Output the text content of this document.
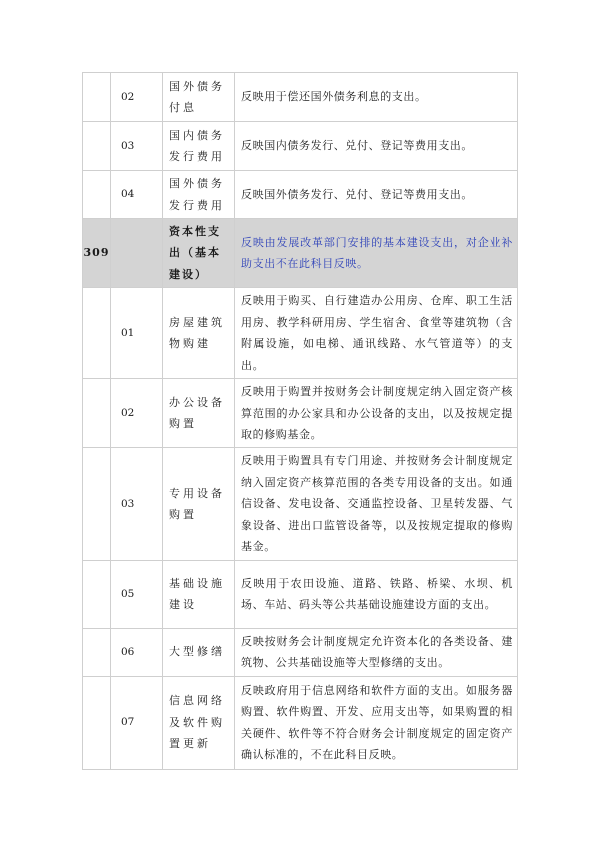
	02	国外债务付息	反映用于偿还国外债务利息的支出。
	03	国内债务发行费用	反映国内债务发行、兑付、登记等费用支出。
	04	国外债务发行费用	反映国外债务发行、兑付、登记等费用支出。
309		资本性支出（基本建设）	反映由发展改革部门安排的基本建设支出，对企业补助支出不在此科目反映。
	01	房屋建筑物购建	反映用于购买、自行建造办公用房、仓库、职工生活用房、教学科研用房、学生宿舍、食堂等建筑物（含附属设施，如电梯、通讯线路、水气管道等）的支出。
	02	办公设备购置	反映用于购置并按财务会计制度规定纳入固定资产核算范围的办公家具和办公设备的支出，以及按规定提取的修购基金。
	03	专用设备购置	反映用于购置具有专门用途、并按财务会计制度规定纳入固定资产核算范围的各类专用设备的支出。如通信设备、发电设备、交通监控设备、卫星转发器、气象设备、进出口监管设备等，以及按规定提取的修购基金。
	05	基础设施建设	反映用于农田设施、道路、铁路、桥梁、水坝、机场、车站、码头等公共基础设施建设方面的支出。
	06	大型修缮	反映按财务会计制度规定允许资本化的各类设备、建筑物、公共基础设施等大型修缮的支出。
	07	信息网络及软件购置更新	反映政府用于信息网络和软件方面的支出。如服务器购置、软件购置、开发、应用支出等，如果购置的相关硬件、软件等不符合财务会计制度规定的固定资产确认标准的，不在此科目反映。
